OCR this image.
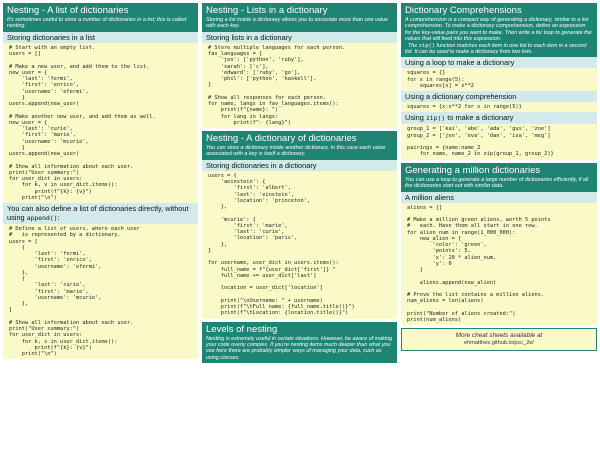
Nesting - A list of dictionaries
It's sometimes useful to store a number of dictionaries in a list; this is called nesting.
Storing dictionaries in a list
# Start with an empty list.
users = []

# Make a new user, and add them to the list.
new_user = {
'last': 'fermi',
'first': 'enrico',
'username': 'efermi',
}
users.append(new_user)

# Make another new user, and add them as well.
new_user = {
'last': 'curie',
'first': 'marie',
'username': 'mcurie',
}
users.append(new_user)

# Show all information about each user.
print("User summary:")
for user_dict in users:
for k, v in user_dict.items():
print(f"{k}: {v}")
print("\n")
You can also define a list of dictionaries directly, without using append():
# Define a list of users, where each user
#   is represented by a dictionary.
users = [
{
'last': 'fermi',
'first': 'enrico',
'username': 'efermi',
},
{
'last': 'curie',
'first': 'marie',
'username': 'mcurie',
},
]

# Show all information about each user.
print("User summary:")
for user_dict in users:
for k, v in user_dict.items():
print(f"{k}: {v}")
print("\n")
Nesting - Lists in a dictionary
Storing a list inside a dictionary allows you to associate more than one value with each key.
Storing lists in a dictionary
# Store multiple languages for each person.
fav_languages = {
'jen': ['python', 'ruby'],
'sarah': ['c'],
'edward': ['ruby', 'go'],
'phil': ['python', 'haskell'],
}

# Show all responses for each person.
for name, langs in fav_languages.items():
print(f"{name}: ")
for lang in langs:
print(f"- {lang}")
Nesting - A dictionary of dictionaries
You can store a dictionary inside another dictionary. In this case each value associated with a key is itself a dictionary.
Storing dictionaries in a dictionary
users = {
'aeinstein': {
'first': 'albert',
'last': 'einstein',
'location': 'princeton',
},

'mcurie': {
'first': 'marie',
'last': 'curie',
'location': 'paris',
},
}

for username, user_dict in users.items():
full_name = f"{user_dict['first']} "
full_name += user_dict['last']

location = user_dict['location']

print("\nUsername: " + username)
print(f"\tFull name: {full_name.title()}")
print(f"\tLocation: {location.title()}")
Levels of nesting
Nesting is extremely useful in certain situations. However, be aware of making your code overly complex. If you're nesting items much deeper than what you see here there are probably simpler ways of managing your data, such as using classes.
Dictionary Comprehensions

A comprehension is a compact way of generating a dictionary, similar to a list comprehension. To make a dictionary comprehension, define an expression for the key-value pairs you want to make. Then write a for loop to generate the values that will feed into this expression.

The zip() function matches each item in one list to each item in a second list. It can be used to make a dictionary from two lists.

Using a loop to make a dictionary
squares = {}
for x in range(5):
squares[x] = x**2
Using a dictionary comprehension
squares = {x:x**2 for x in range(5)}
Using zip() to make a dictionary
group_1 = ['kai', 'abe', 'ada', 'gus', 'zoe']
group_2 = ['jen', 'eva', 'dan', 'isa', 'meg']

pairings = {name:name_2
for name, name_2 in zip(group_1, group_2)}
Generating a million dictionaries
You can use a loop to generate a large number of dictionaries efficiently, if all the dictionaries start out with similar data.
A million aliens
aliens = []

# Make a million green aliens, worth 5 points
#   each. Have them all start in one row.
for alien_num in range(1_000_000):
new_alien = {
'color': 'green',
'points': 5,
'x': 20 * alien_num,
'y': 0
}

aliens.append(new_alien)

# Prove the list contains a million aliens.
num_aliens = len(aliens)

print("Number of aliens created:")
print(num_aliens)
More cheat sheets available at
ehmatthes.github.io/pcc_2e/
